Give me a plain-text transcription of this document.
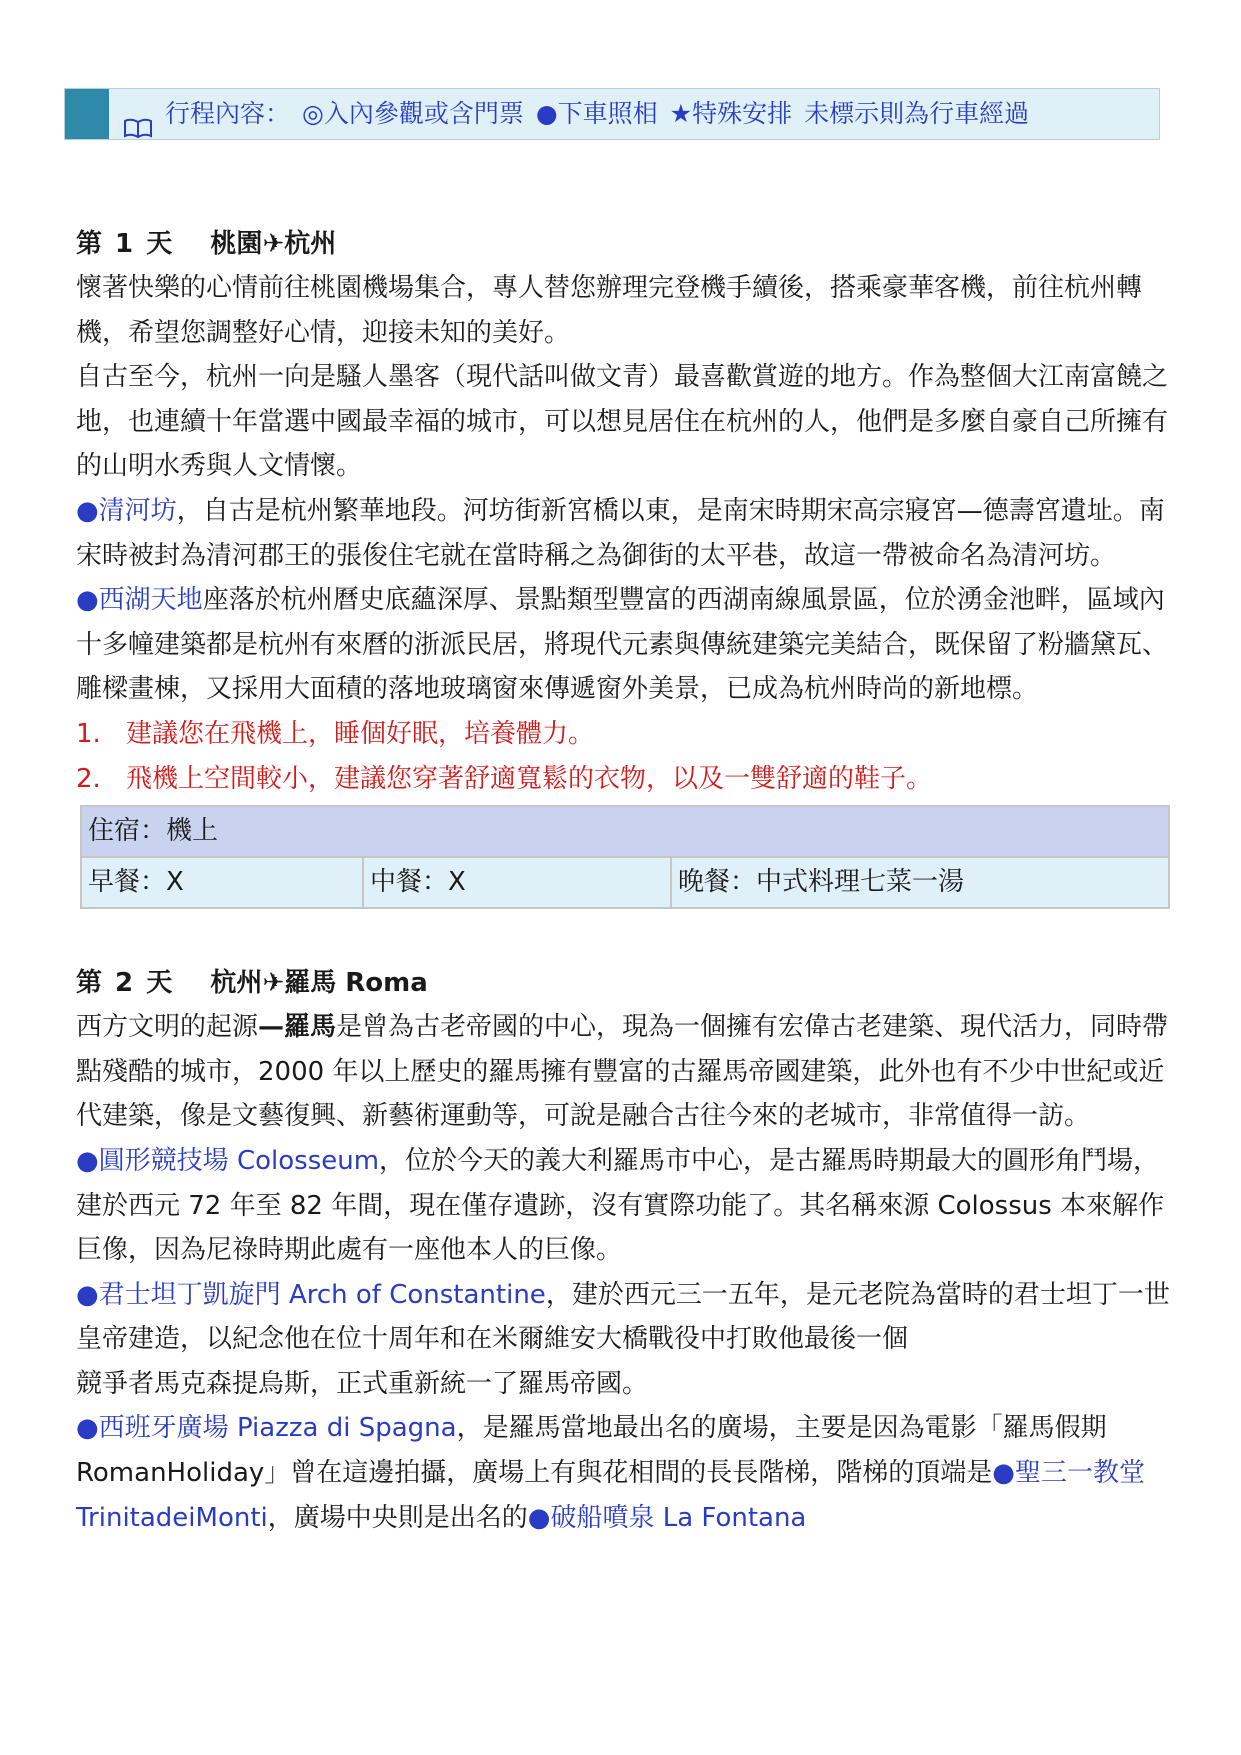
行程內容： ◎入內參觀或含門票 ●下車照相 ★特殊安排 未標示則為行車經過

第 1 天 桃園✈杭州

懷著快樂的心情前往桃園機場集合，專人替您辦理完登機手續後，搭乘豪華客機，前往杭州轉機，希望您調整好心情，迎接未知的美好。

自古至今，杭州一向是騷人墨客（現代話叫做文青）最喜歡賞遊的地方。作為整個大江南富饒之地，也連續十年當選中國最幸福的城市，可以想見居住在杭州的人，他們是多麼自豪自己所擁有的山明水秀與人文情懷。

●清河坊，自古是杭州繁華地段。河坊街新宮橋以東，是南宋時期宋高宗寢宮—德壽宮遺址。南宋時被封為清河郡王的張俊住宅就在當時稱之為御街的太平巷，故這一帶被命名為清河坊。

●西湖天地座落於杭州曆史底蘊深厚、景點類型豐富的西湖南線風景區，位於湧金池畔，區域內十多幢建築都是杭州有來曆的浙派民居，將現代元素與傳統建築完美結合，既保留了粉牆黛瓦、雕樑畫棟，又採用大面積的落地玻璃窗來傳遞窗外美景，已成為杭州時尚的新地標。

1. 建議您在飛機上，睡個好眠，培養體力。
2. 飛機上空間較小，建議您穿著舒適寬鬆的衣物，以及一雙舒適的鞋子。
住宿：機上
早餐：X	中餐：X	晚餐：中式料理七菜一湯

第 2 天 杭州✈羅馬 Roma

西方文明的起源—羅馬是曾為古老帝國的中心，現為一個擁有宏偉古老建築、現代活力，同時帶點殘酷的城市，2000 年以上歷史的羅馬擁有豐富的古羅馬帝國建築，此外也有不少中世紀或近代建築，像是文藝復興、新藝術運動等，可說是融合古往今來的老城市，非常值得一訪。

●圓形競技場 Colosseum，位於今天的義大利羅馬市中心，是古羅馬時期最大的圓形角鬥場，建於西元 72 年至 82 年間，現在僅存遺跡，沒有實際功能了。其名稱來源 Colossus 本來解作巨像，因為尼祿時期此處有一座他本人的巨像。

●君士坦丁凱旋門 Arch of Constantine，建於西元三一五年，是元老院為當時的君士坦丁一世皇帝建造，以紀念他在位十周年和在米爾維安大橋戰役中打敗他最後一個
競爭者馬克森提烏斯，正式重新統一了羅馬帝國。

●西班牙廣場 Piazza di Spagna，是羅馬當地最出名的廣場，主要是因為電影「羅馬假期 RomanHoliday」曾在這邊拍攝，廣場上有與花相間的長長階梯，階梯的頂端是●聖三一教堂 TrinitadeiMonti，廣場中央則是出名的●破船噴泉 La Fontana
